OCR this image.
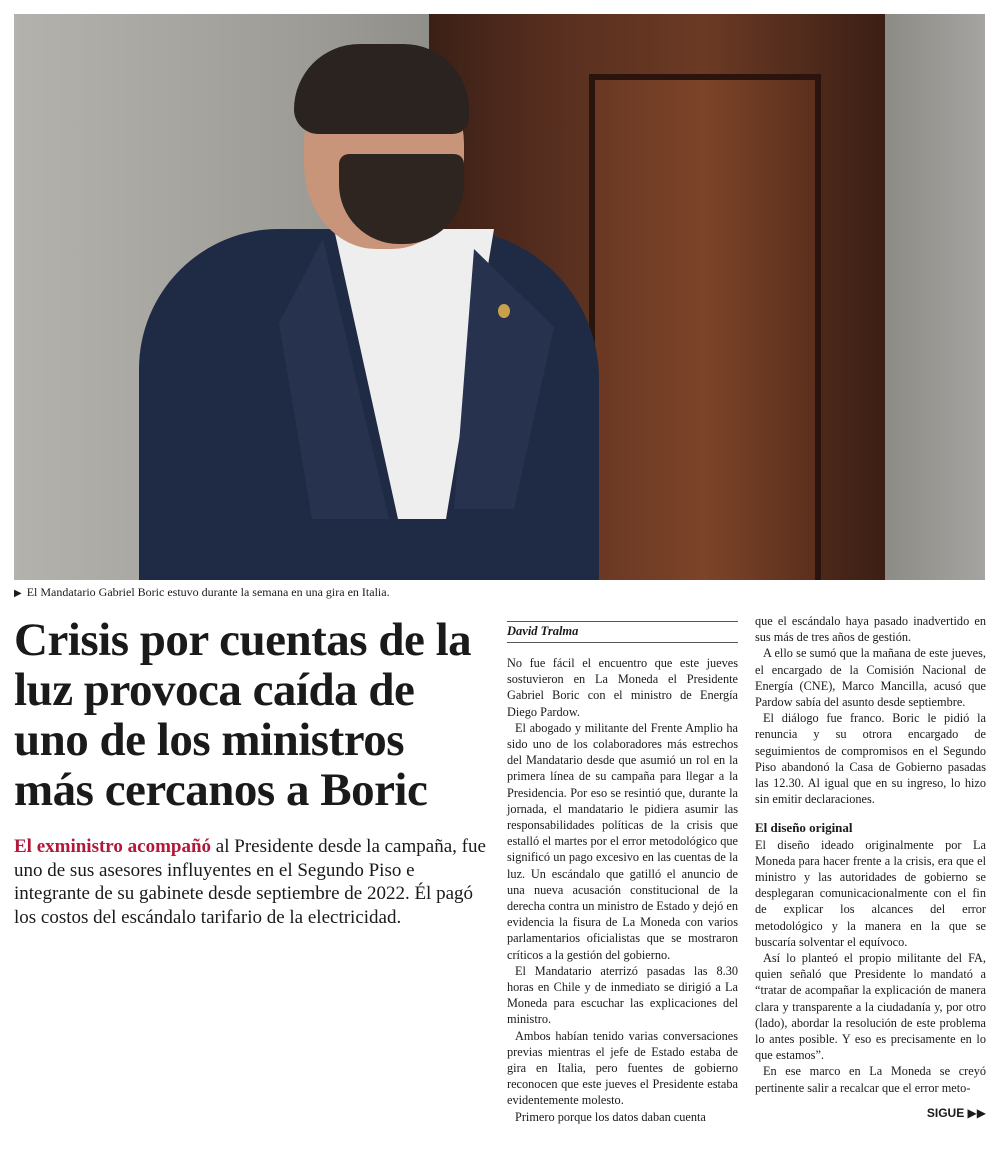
▶ El Mandatario Gabriel Boric estuvo durante la semana en una gira en Italia.
Crisis por cuentas de la luz provoca caída de uno de los ministros más cercanos a Boric

El exministro acompañó al Presidente desde la campaña, fue uno de sus asesores influyentes en el Segundo Piso e integrante de su gabinete desde septiembre de 2022. Él pagó los costos del escándalo tarifario de la electricidad.

David Tralma

No fue fácil el encuentro que este jueves sostuvieron en La Moneda el Presidente Gabriel Boric con el ministro de Energía Diego Pardow.

El abogado y militante del Frente Amplio ha sido uno de los colaboradores más estrechos del Mandatario desde que asumió un rol en la primera línea de su campaña para llegar a la Presidencia. Por eso se resintió que, durante la jornada, el mandatario le pidiera asumir las responsabilidades políticas de la crisis que estalló el martes por el error metodológico que significó un pago excesivo en las cuentas de la luz. Un escándalo que gatilló el anuncio de una nueva acusación constitucional de la derecha contra un ministro de Estado y dejó en evidencia la fisura de La Moneda con varios parlamentarios oficialistas que se mostraron críticos a la gestión del gobierno.

El Mandatario aterrizó pasadas las 8.30 horas en Chile y de inmediato se dirigió a La Moneda para escuchar las explicaciones del ministro.

Ambos habían tenido varias conversaciones previas mientras el jefe de Estado estaba de gira en Italia, pero fuentes de gobierno reconocen que este jueves el Presidente estaba evidentemente molesto.

Primero porque los datos daban cuenta

que el escándalo haya pasado inadvertido en sus más de tres años de gestión.

A ello se sumó que la mañana de este jueves, el encargado de la Comisión Nacional de Energía (CNE), Marco Mancilla, acusó que Pardow sabía del asunto desde septiembre.

El diálogo fue franco. Boric le pidió la renuncia y su otrora encargado de seguimientos de compromisos en el Segundo Piso abandonó la Casa de Gobierno pasadas las 12.30. Al igual que en su ingreso, lo hizo sin emitir declaraciones.

El diseño original

El diseño ideado originalmente por La Moneda para hacer frente a la crisis, era que el ministro y las autoridades de gobierno se desplegaran comunicacionalmente con el fin de explicar los alcances del error metodológico y la manera en la que se buscaría solventar el equívoco.

Así lo planteó el propio militante del FA, quien señaló que Presidente lo mandató a “tratar de acompañar la explicación de manera clara y transparente a la ciudadanía y, por otro (lado), abordar la resolución de este problema lo antes posible. Y eso es precisamente en lo que estamos”.

En ese marco en La Moneda se creyó pertinente salir a recalcar que el error meto-

SIGUE ▶▶
